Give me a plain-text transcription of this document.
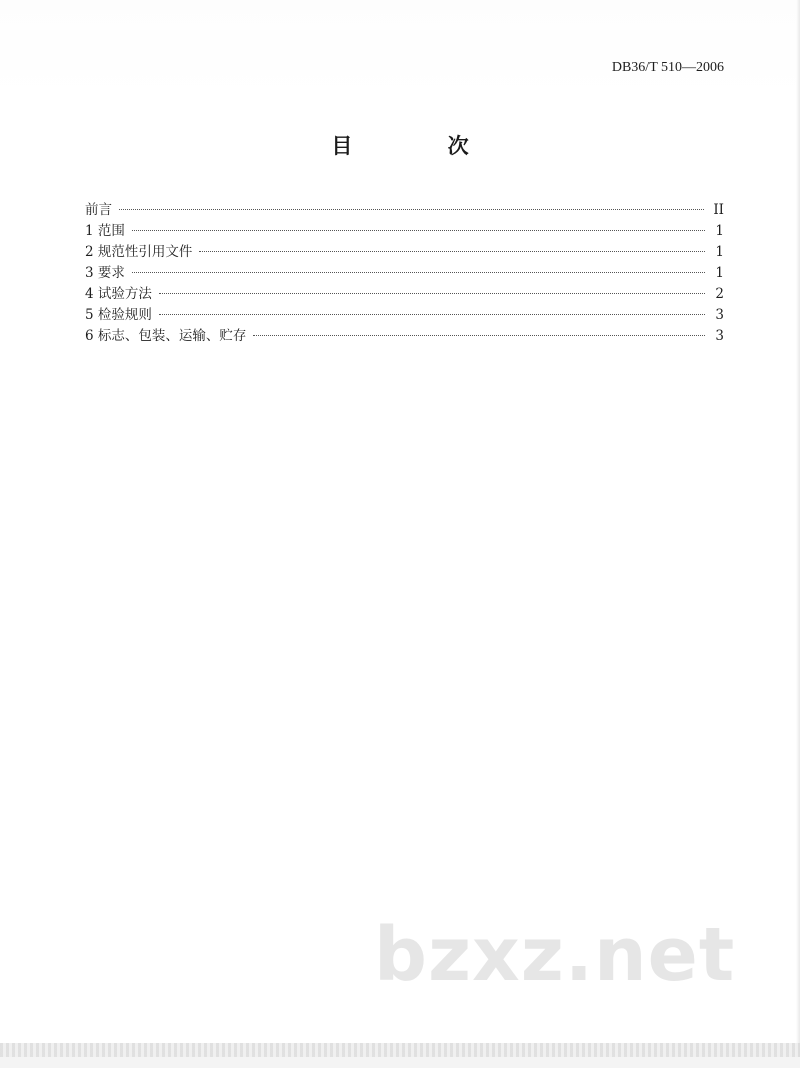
DB36/T 510—2006
目 次
前言	II
1 范围	1
2 规范性引用文件	1
3 要求	1
4 试验方法	2
5 检验规则	3
6 标志、包装、运输、贮存	3
bzxz.net
